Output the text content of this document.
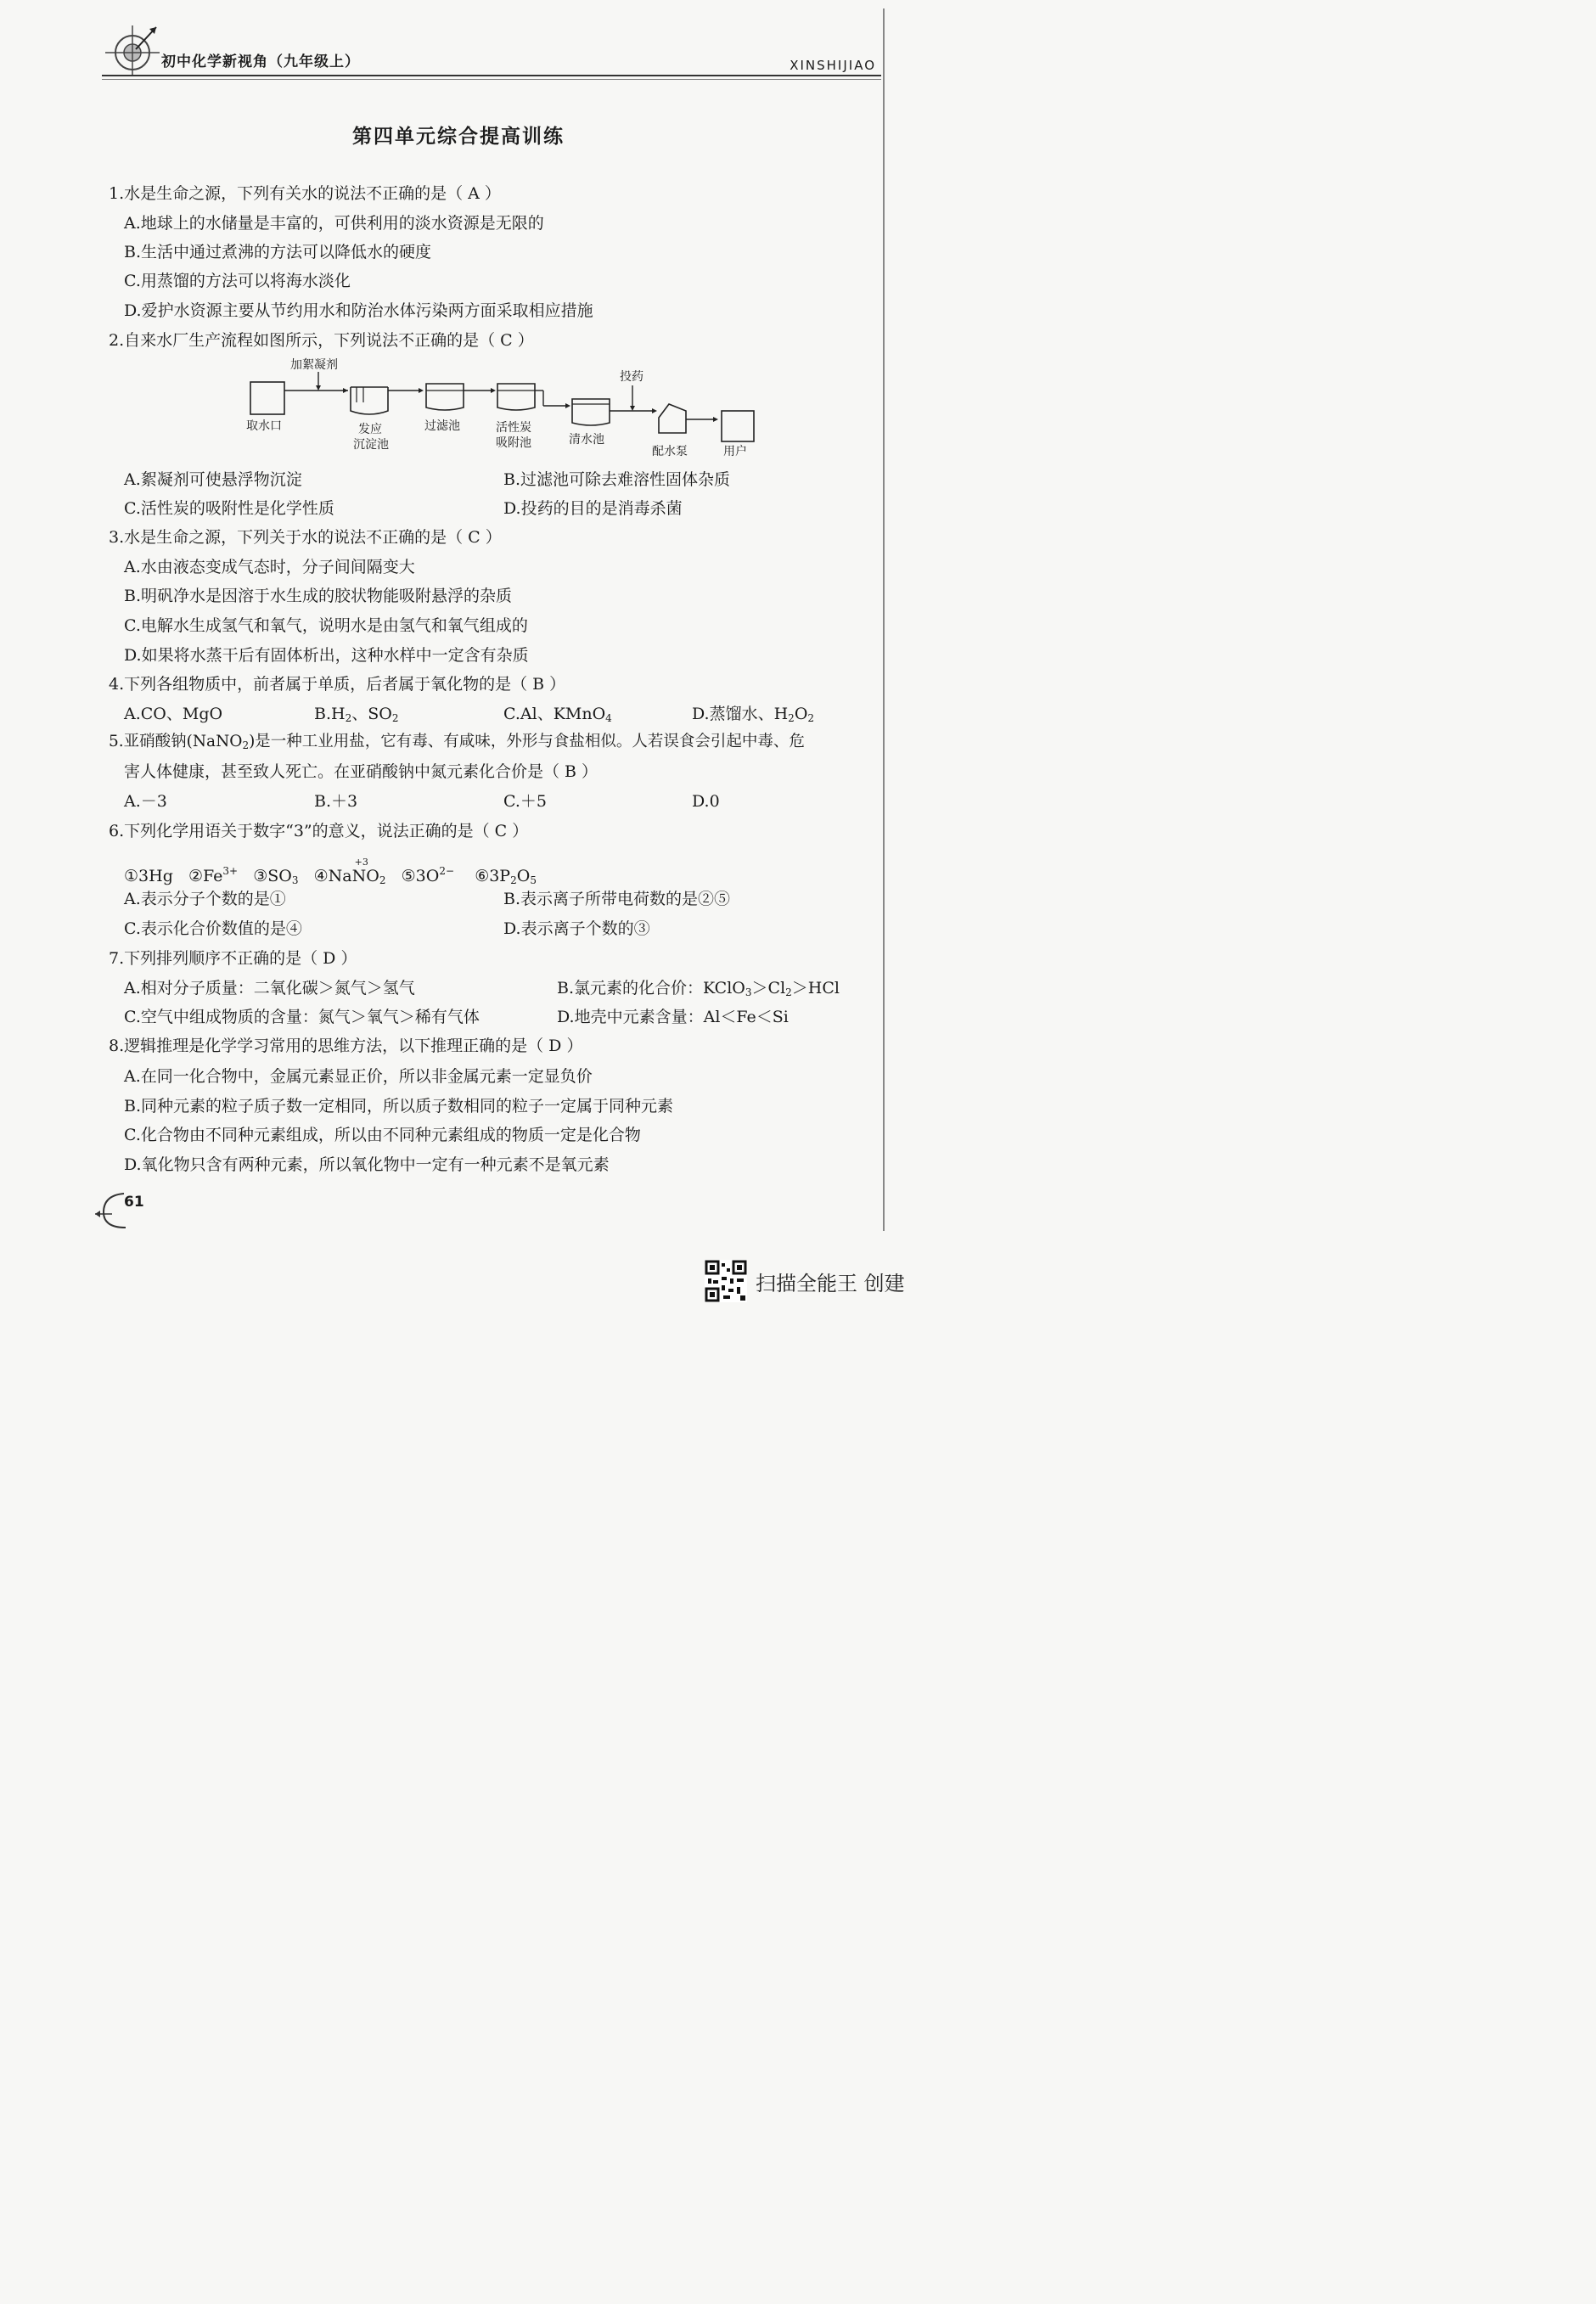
初中化学新视角（九年级上）	XINSHIJIAO
第四单元综合提高训练
1.水是生命之源，下列有关水的说法不正确的是（ A ）
A.地球上的水储量是丰富的，可供利用的淡水资源是无限的
B.生活中通过煮沸的方法可以降低水的硬度
C.用蒸馏的方法可以将海水淡化
D.爱护水资源主要从节约用水和防治水体污染两方面采取相应措施
2.自来水厂生产流程如图所示，下列说法不正确的是（ C ）
加絮凝剂
投药
取水口	发应
沉淀池
过滤池	活性炭
吸附池	清水池
配水泵	用户
A.絮凝剂可使悬浮物沉淀	B.过滤池可除去难溶性固体杂质
C.活性炭的吸附性是化学性质	D.投药的目的是消毒杀菌
3.水是生命之源，下列关于水的说法不正确的是（ C ）
A.水由液态变成气态时，分子间间隔变大
B.明矾净水是因溶于水生成的胶状物能吸附悬浮的杂质
C.电解水生成氢气和氧气，说明水是由氢气和氧气组成的
D.如果将水蒸干后有固体析出，这种水样中一定含有杂质
4.下列各组物质中，前者属于单质，后者属于氧化物的是（ B ）
A.CO、MgO	$B.H_2$、$SO_2$	C.Al、KMnO$_4$	D.蒸馏水、$H_2O_2$
5.亚硝酸钠(NaNO$_2$)是一种工业用盐，它有毒、有咸味，外形与食盐相似。人若误食会引起中毒、危
害人体健康，甚至致人死亡。在亚硝酸钠中氮元素化合价是（ B ）
A.－3	B.＋3	C.＋5	D.0
6.下列化学用语关于数字“3”的意义，说法正确的是（ C ）
①3Hg $②Fe^{3+}$ $③SO_3$ ④Na
+3
$NO_2$ $⑤3O^{2-}$ $⑥3P_2O_5$
A.表示分子个数的是①	B.表示离子所带电荷数的是②⑤
C.表示化合价数值的是④	D.表示离子个数的③
7.下列排列顺序不正确的是（ D ）
A.相对分子质量：二氧化碳＞氮气＞氢气	B.氯元素的化合价：$KClO_3>Cl_2>HCl$
C.空气中组成物质的含量：氮气＞氧气＞稀有气体	D.地壳中元素含量：Al＜Fe＜Si
8.逻辑推理是化学学习常用的思维方法，以下推理正确的是（ D ）
A.在同一化合物中，金属元素显正价，所以非金属元素一定显负价
B.同种元素的粒子质子数一定相同，所以质子数相同的粒子一定属于同种元素
C.化合物由不同种元素组成，所以由不同种元素组成的物质一定是化合物
D.氧化物只含有两种元素，所以氧化物中一定有一种元素不是氧元素
61
扫描全能王 创建
